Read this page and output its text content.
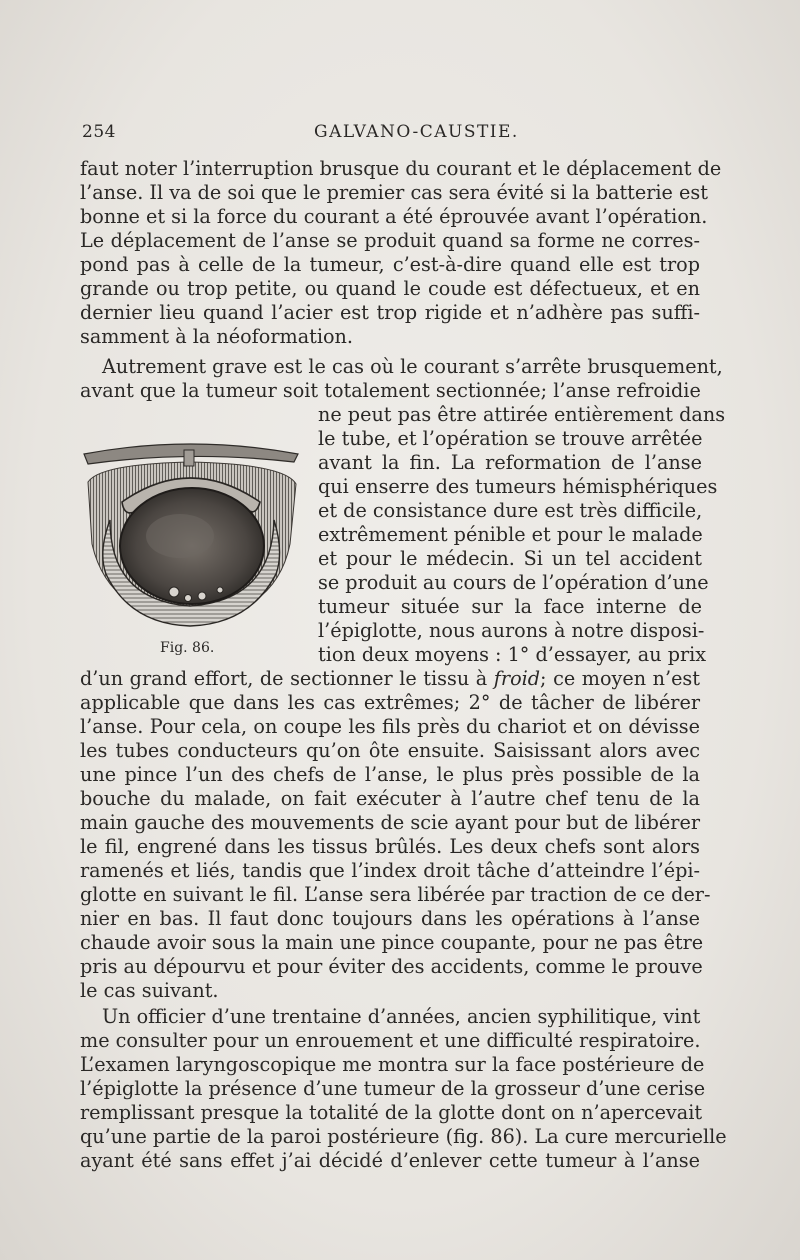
254	GALVANO-CAUSTIE.
faut noter l’interruption brusque du courant et le déplacement de
l’anse. Il va de soi que le premier cas sera évité si la batterie est
bonne et si la force du courant a été éprouvée avant l’opération.
Le déplacement de l’anse se produit quand sa forme ne corres-
pond pas à celle de la tumeur, c’est-à-dire quand elle est trop
grande ou trop petite, ou quand le coude est défectueux, et en
dernier lieu quand l’acier est trop rigide et n’adhère pas suffi-
samment à la néoformation.
Autrement grave est le cas où le courant s’arrête brusquement,
avant que la tumeur soit totalement sectionnée; l’anse refroidie
ne peut pas être attirée entièrement dans
le tube, et l’opération se trouve arrêtée
avant la fin. La reformation de l’anse
qui enserre des tumeurs hémisphériques
et de consistance dure est très difficile,
extrêmement pénible et pour le malade
et pour le médecin. Si un tel accident
se produit au cours de l’opération d’une
tumeur située sur la face interne de
l’épiglotte, nous aurons à notre disposi-
tion deux moyens : 1° d’essayer, au prix
d’un grand effort, de sectionner le tissu à froid; ce moyen n’est
applicable que dans les cas extrêmes; 2° de tâcher de libérer
l’anse. Pour cela, on coupe les fils près du chariot et on dévisse
les tubes conducteurs qu’on ôte ensuite. Saisissant alors avec
une pince l’un des chefs de l’anse, le plus près possible de la
bouche du malade, on fait exécuter à l’autre chef tenu de la
main gauche des mouvements de scie ayant pour but de libérer
le fil, engrené dans les tissus brûlés. Les deux chefs sont alors
ramenés et liés, tandis que l’index droit tâche d’atteindre l’épi-
glotte en suivant le fil. L’anse sera libérée par traction de ce der-
nier en bas. Il faut donc toujours dans les opérations à l’anse
chaude avoir sous la main une pince coupante, pour ne pas être
pris au dépourvu et pour éviter des accidents, comme le prouve
le cas suivant.
Un officier d’une trentaine d’années, ancien syphilitique, vint
me consulter pour un enrouement et une difficulté respiratoire.
L’examen laryngoscopique me montra sur la face postérieure de
l’épiglotte la présence d’une tumeur de la grosseur d’une cerise
remplissant presque la totalité de la glotte dont on n’apercevait
qu’une partie de la paroi postérieure (fig. 86). La cure mercurielle
ayant été sans effet j’ai décidé d’enlever cette tumeur à l’anse
Fig. 86.
